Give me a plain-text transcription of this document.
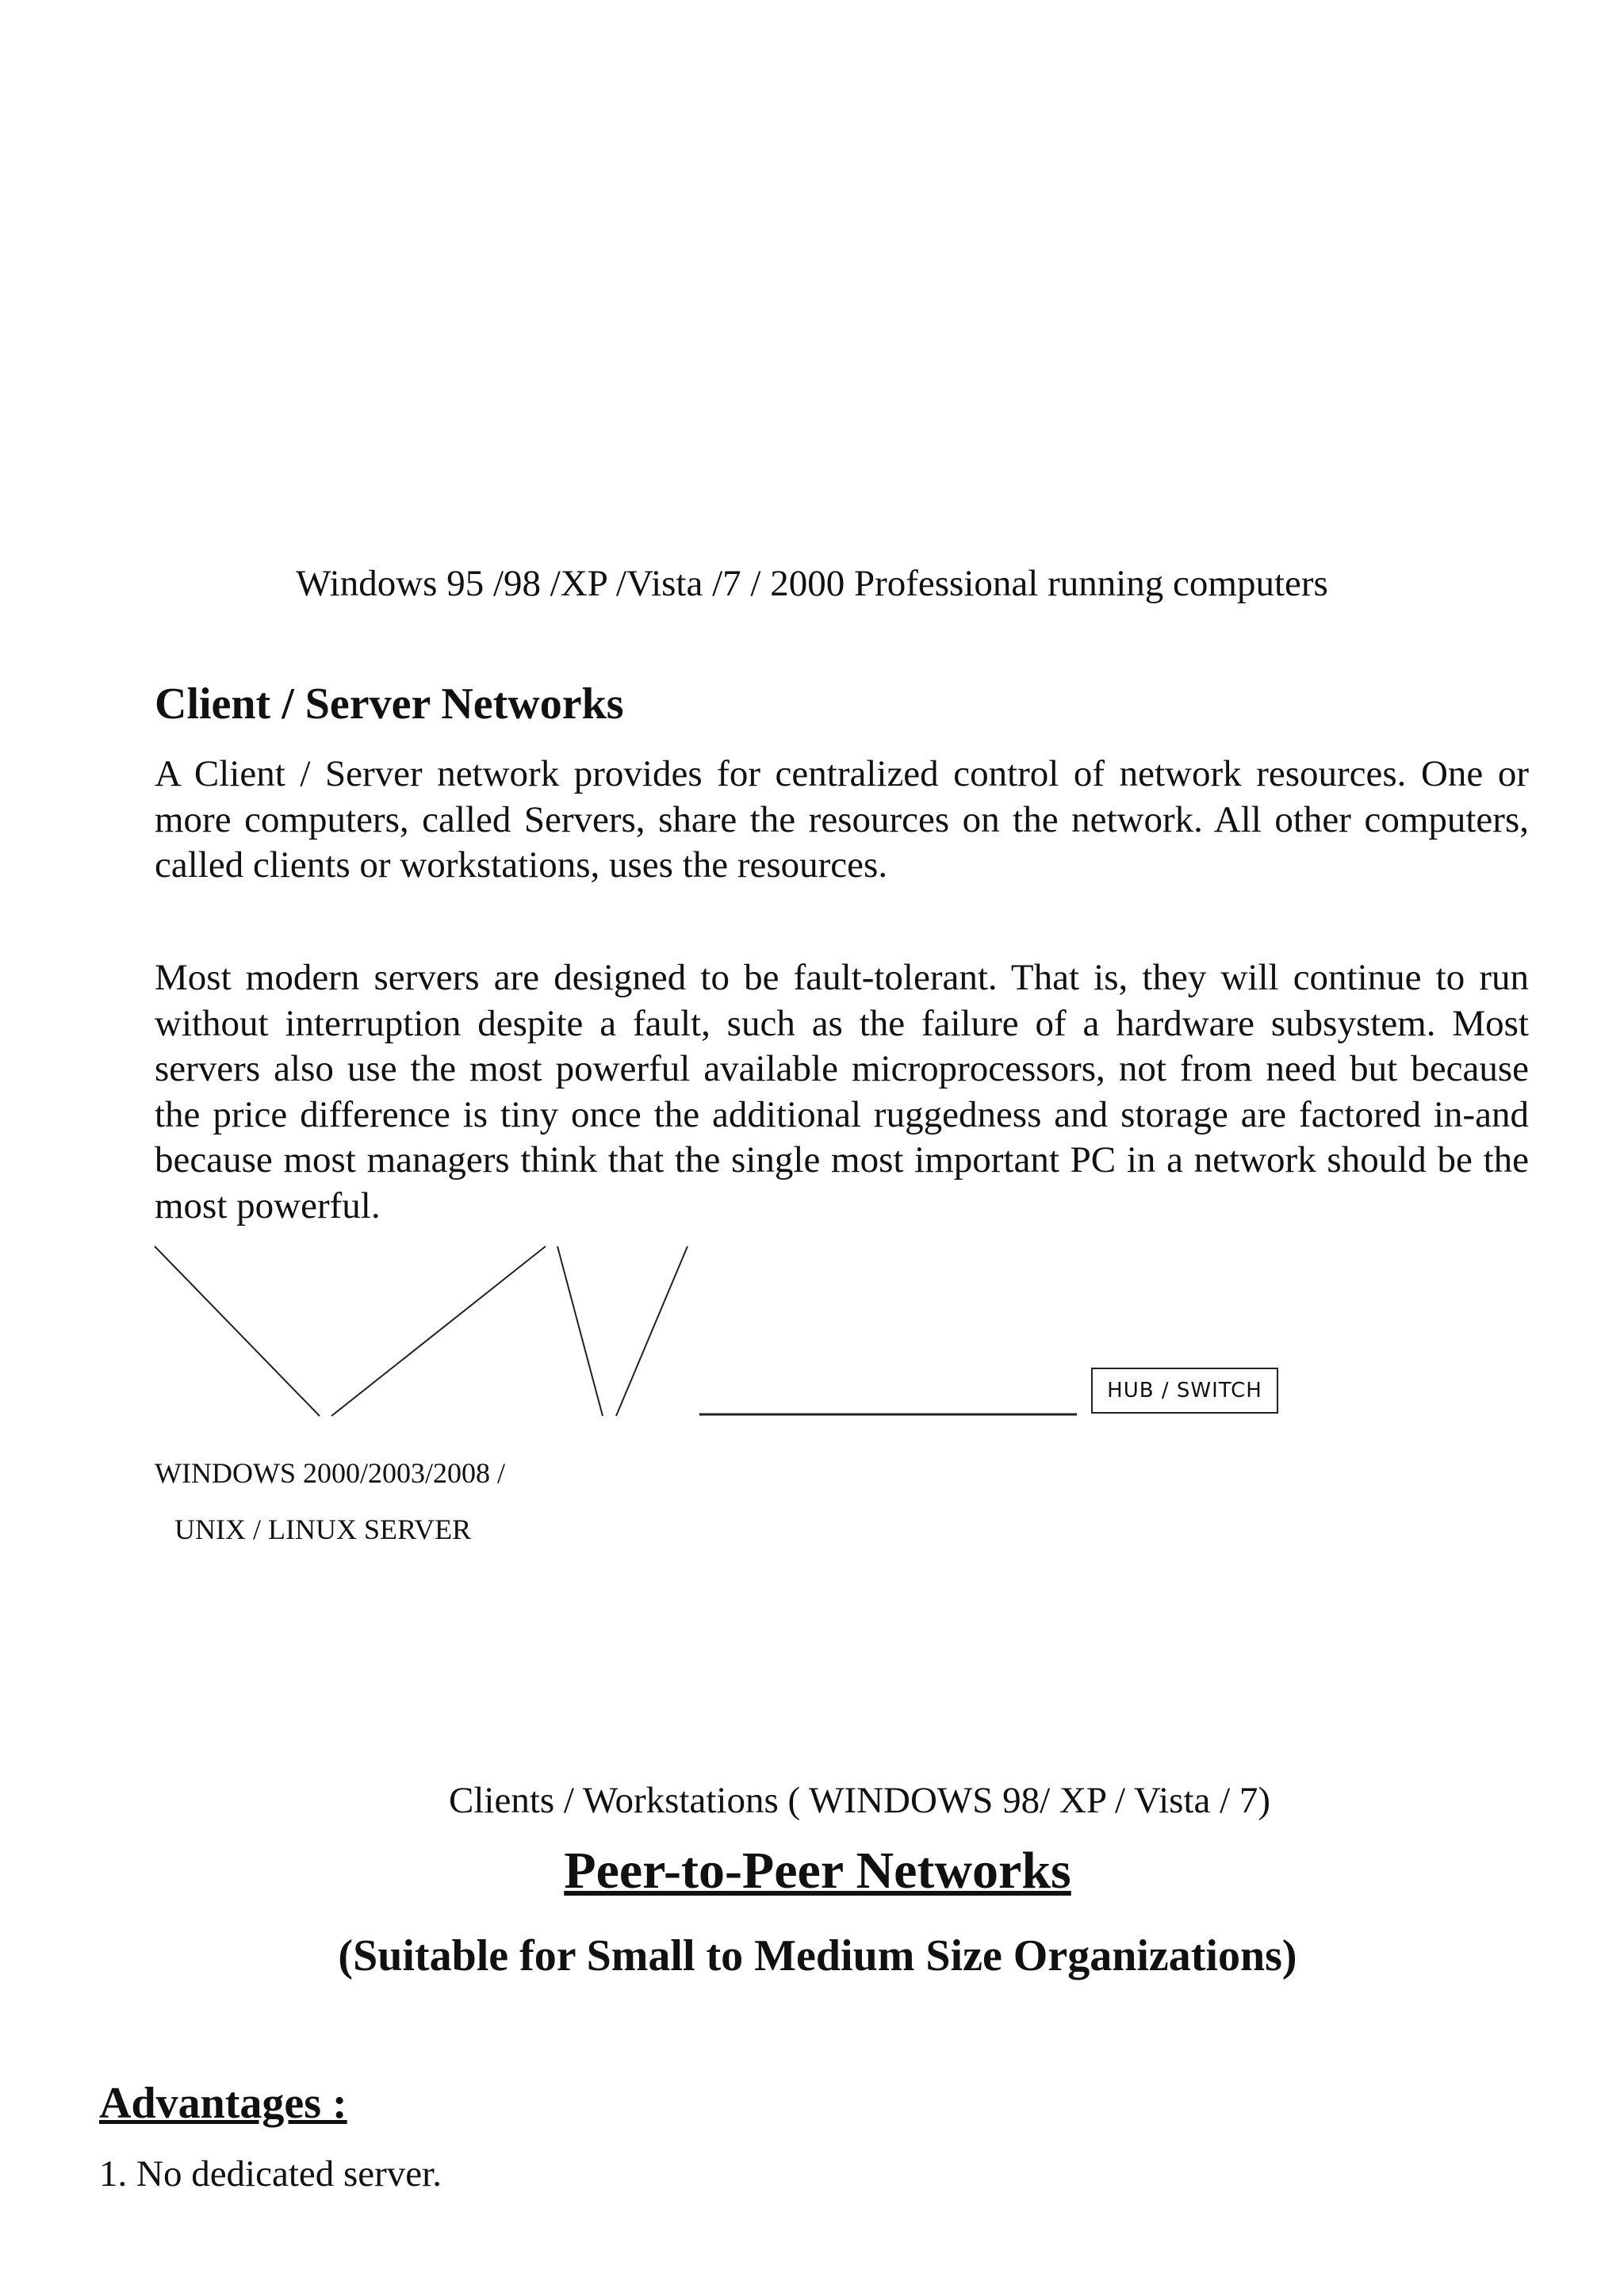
Windows 95 /98 /XP /Vista /7 / 2000 Professional running computers
Client / Server Networks

A Client / Server network provides for centralized control of network resources. One or more computers, called Servers, share the resources on the network. All other computers, called clients or workstations, uses the resources.

Most modern servers are designed to be fault-tolerant. That is, they will continue to run without interruption despite a fault, such as the failure of a hardware subsystem. Most servers also use the most powerful available microprocessors, not from need but because the price difference is tiny once the additional ruggedness and storage are factored in-and because most managers think that the single most important PC in a network should be the most powerful.

HUB / SWITCH
WINDOWS 2000/2003/2008 /
UNIX / LINUX SERVER
Clients / Workstations ( WINDOWS 98/ XP / Vista / 7)
Peer-to-Peer Networks
(Suitable for Small to Medium Size Organizations)
Advantages :
1. No dedicated server.
